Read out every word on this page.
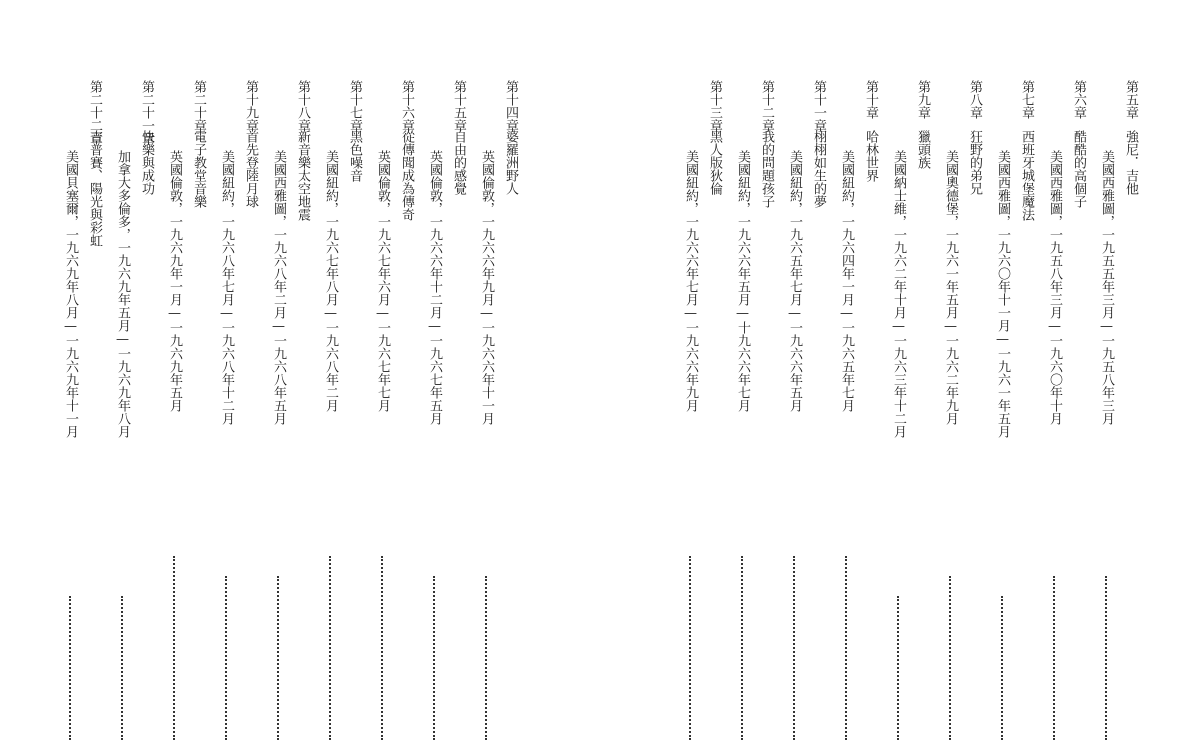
第十四章
婆羅洲野人
英國倫敦，一九六六年九月—一九六六年十一月
第十五章
自由的感覺
英國倫敦，一九六六年十二月—一九六七年五月
第十六章
從傳聞成為傳奇
英國倫敦，一九六七年六月—一九六七年七月
第十七章
黑色噪音
美國紐約，一九六七年八月—一九六八年二月
第十八章
新音樂太空地震
美國西雅圖，一九六八年二月—一九六八年五月
第十九章
首先登陸月球
美國紐約，一九六八年七月—一九六八年十二月
第二十章
電子教堂音樂
英國倫敦，一九六九年一月—一九六九年五月
第二十一章
快樂與成功
加拿大多倫多，一九六九年五月—一九六九年八月
第二十二章
吉普賽、陽光與彩虹
美國貝塞爾，一九六九年八月—一九六九年十一月
第五章
強尼．吉他
美國西雅圖，一九五五年三月—一九五八年三月
第六章
酷酷的高個子
美國西雅圖，一九五八年三月—一九六〇年十月
第七章
西班牙城堡魔法
美國西雅圖，一九六〇年十一月—一九六一年五月
第八章
狂野的弟兄
美國奧德堡，一九六一年五月—一九六二年九月
第九章
獵頭族
美國納士維，一九六二年十月—一九六三年十二月
第十章
哈林世界
美國紐約，一九六四年一月—一九六五年七月
第十一章
栩栩如生的夢
美國紐約，一九六五年七月—一九六六年五月
第十二章
我的問題孩子
美國紐約，一九六六年五月—十九六六年七月
第十三章
黑人版狄倫
美國紐約，一九六六年七月—一九六六年九月
